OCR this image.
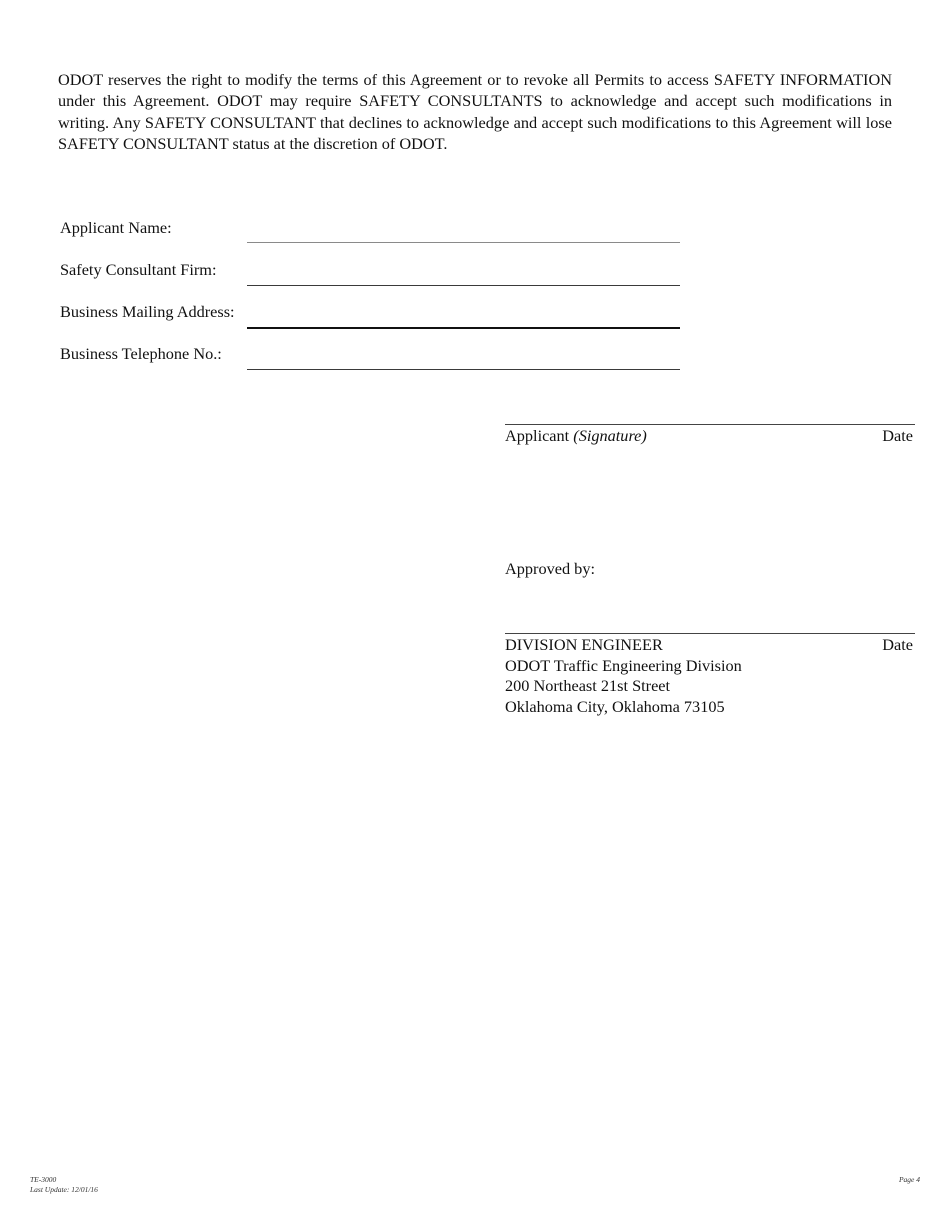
ODOT reserves the right to modify the terms of this Agreement or to revoke all Permits to access SAFETY INFORMATION under this Agreement. ODOT may require SAFETY CONSULTANTS to acknowledge and accept such modifications in writing. Any SAFETY CONSULTANT that declines to acknowledge and accept such modifications to this Agreement will lose SAFETY CONSULTANT status at the discretion of ODOT.

Applicant Name:
Safety Consultant Firm:
Business Mailing Address:
Business Telephone No.:
Applicant (Signature)	Date
Approved by:
DIVISION ENGINEER	Date
ODOT Traffic Engineering Division
200 Northeast 21st Street
Oklahoma City, Oklahoma 73105
TE-3000
Last Update: 12/01/16
Page 4
